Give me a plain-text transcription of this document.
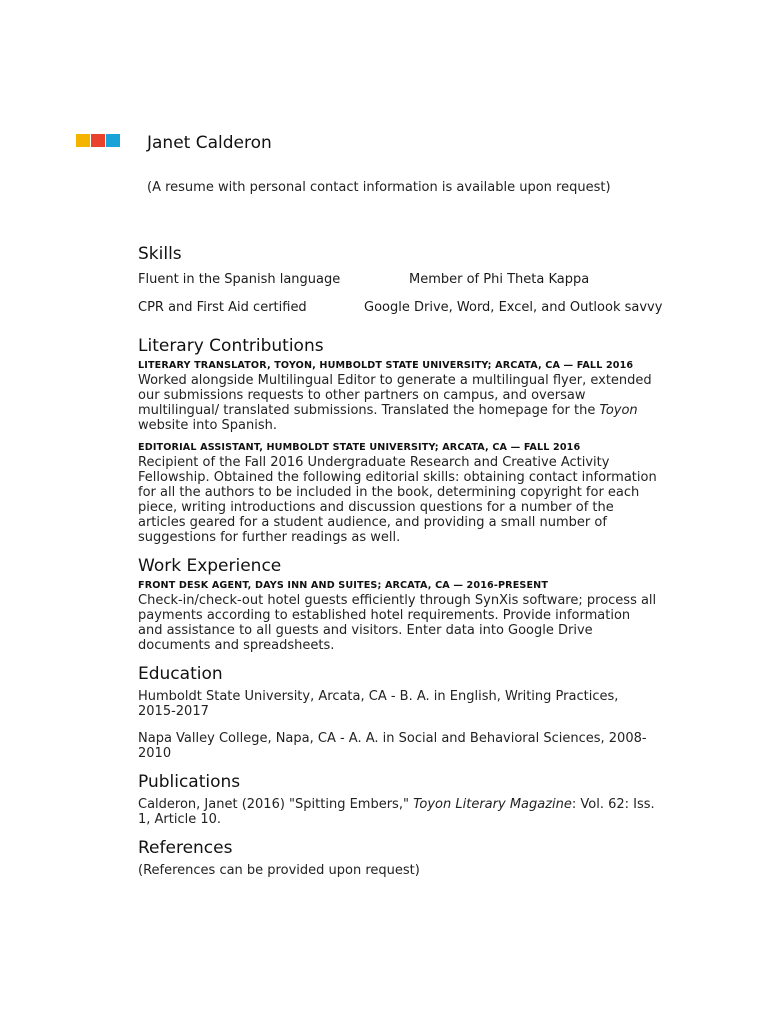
Janet Calderon
(A resume with personal contact information is available upon request)
Skills
Fluent in the Spanish language	Member of Phi Theta Kappa
CPR and First Aid certified	Google Drive, Word, Excel, and Outlook savvy
Literary Contributions
LITERARY TRANSLATOR, TOYON, HUMBOLDT STATE UNIVERSITY; ARCATA, CA — FALL 2016

Worked alongside Multilingual Editor to generate a multilingual flyer, extended our submissions requests to other partners on campus, and oversaw multilingual/ translated submissions. Translated the homepage for the Toyon website into Spanish.

EDITORIAL ASSISTANT, HUMBOLDT STATE UNIVERSITY; ARCATA, CA — FALL 2016

Recipient of the Fall 2016 Undergraduate Research and Creative Activity Fellowship. Obtained the following editorial skills: obtaining contact information for all the authors to be included in the book, determining copyright for each piece, writing introductions and discussion questions for a number of the articles geared for a student audience, and providing a small number of suggestions for further readings as well.

Work Experience
FRONT DESK AGENT, DAYS INN AND SUITES; ARCATA, CA — 2016-PRESENT

Check-in/check-out hotel guests efficiently through SynXis software; process all payments according to established hotel requirements. Provide information and assistance to all guests and visitors. Enter data into Google Drive documents and spreadsheets.

Education

Humboldt State University, Arcata, CA - B. A. in English, Writing Practices, 2015-2017

Napa Valley College, Napa, CA - A. A. in Social and Behavioral Sciences, 2008-2010

Publications

Calderon, Janet (2016) "Spitting Embers," Toyon Literary Magazine: Vol. 62: Iss. 1, Article 10.

References

(References can be provided upon request)
